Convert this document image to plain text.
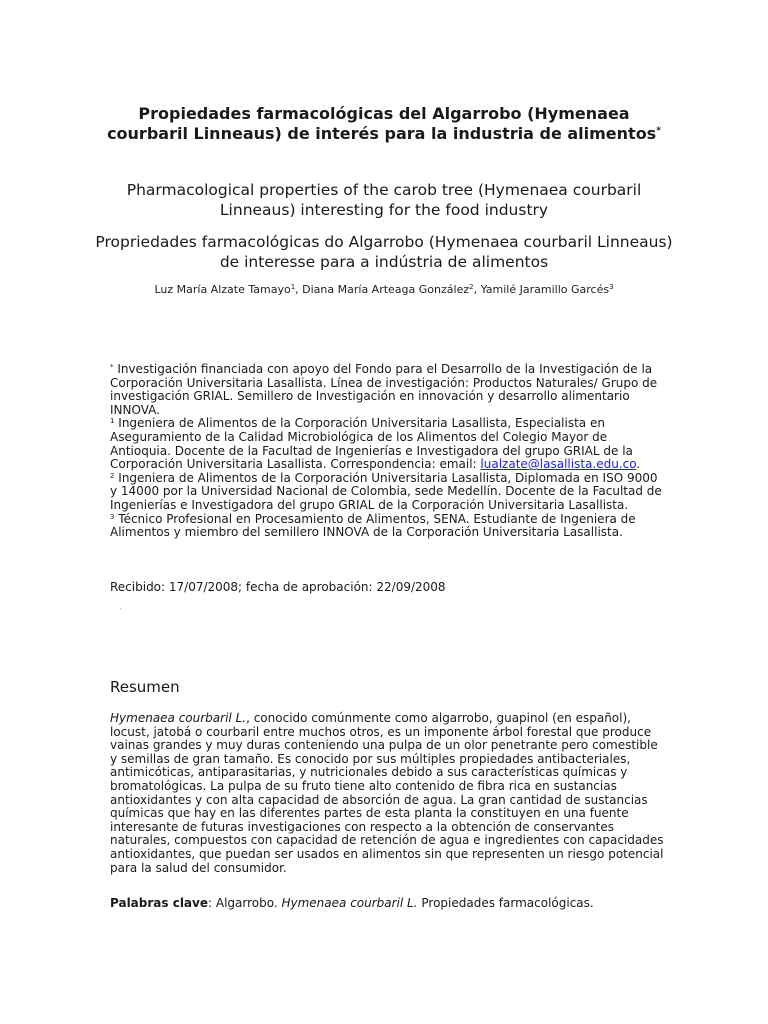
Propiedades farmacológicas del Algarrobo (Hymenaea courbaril Linneaus) de interés para la industria de alimentos*
Pharmacological properties of the carob tree (Hymenaea courbaril Linneaus) interesting for the food industry
Propriedades farmacológicas do Algarrobo (Hymenaea courbaril Linneaus) de interesse para a indústria de alimentos
Luz María Alzate Tamayo$^1$, Diana María Arteaga González$^2$, Yamilé Jaramillo Garcés$^3$

* Investigación financiada con apoyo del Fondo para el Desarrollo de la Investigación de la Corporación Universitaria Lasallista. Línea de investigación: Productos Naturales/ Grupo de investigación GRIAL. Semillero de Investigación en innovación y desarrollo alimentario INNOVA.

$^1$ Ingeniera de Alimentos de la Corporación Universitaria Lasallista, Especialista en Aseguramiento de la Calidad Microbiológica de los Alimentos del Colegio Mayor de Antioquia. Docente de la Facultad de Ingenierías e Investigadora del grupo GRIAL de la Corporación Universitaria Lasallista. Correspondencia: email: lualzate@lasallista.edu.co.

$^2$ Ingeniera de Alimentos de la Corporación Universitaria Lasallista, Diplomada en ISO 9000 y 14000 por la Universidad Nacional de Colombia, sede Medellín. Docente de la Facultad de Ingenierías e Investigadora del grupo GRIAL de la Corporación Universitaria Lasallista.

$^3$ Técnico Profesional en Procesamiento de Alimentos, SENA. Estudiante de Ingeniera de Alimentos y miembro del semillero INNOVA de la Corporación Universitaria Lasallista.

Recibido: 17/07/2008; fecha de aprobación: 22/09/2008
Resumen
Hymenaea courbaril L., conocido comúnmente como algarrobo, guapinol (en español), locust, jatobá o courbaril entre muchos otros, es un imponente árbol forestal que produce vainas grandes y muy duras conteniendo una pulpa de un olor penetrante pero comestible y semillas de gran tamaño. Es conocido por sus múltiples propiedades antibacteriales, antimicóticas, antiparasitarias, y nutricionales debido a sus características químicas y bromatológicas. La pulpa de su fruto tiene alto contenido de fibra rica en sustancias antioxidantes y con alta capacidad de absorción de agua. La gran cantidad de sustancias químicas que hay en las diferentes partes de esta planta la constituyen en una fuente interesante de futuras investigaciones con respecto a la obtención de conservantes naturales, compuestos con capacidad de retención de agua e ingredientes con capacidades antioxidantes, que puedan ser usados en alimentos sin que representen un riesgo potencial para la salud del consumidor.
Palabras clave: Algarrobo. Hymenaea courbaril L. Propiedades farmacológicas.
